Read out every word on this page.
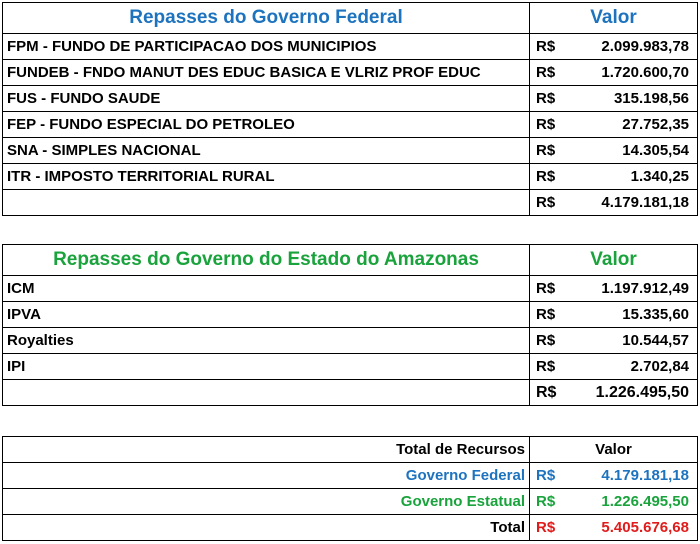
Repasses do Governo Federal	Valor	
FPM - FUNDO DE PARTICIPACAO DOS MUNICIPIOS	R$	2.099.983,78
FUNDEB - FNDO MANUT DES EDUC BASICA E VLRIZ PROF EDUC	R$	1.720.600,70
FUS - FUNDO SAUDE	R$	315.198,56
FEP - FUNDO ESPECIAL DO PETROLEO	R$	27.752,35
SNA - SIMPLES NACIONAL	R$	14.305,54
ITR - IMPOSTO TERRITORIAL RURAL	R$	1.340,25
	R$	4.179.181,18
Repasses do Governo do Estado do Amazonas	Valor	
ICM	R$	1.197.912,49
IPVA	R$	15.335,60
Royalties	R$	10.544,57
IPI	R$	2.702,84
	R$	1.226.495,50
Total de Recursos	Valor	
Governo Federal	R$	4.179.181,18
Governo Estatual	R$	1.226.495,50
Total	R$	5.405.676,68
